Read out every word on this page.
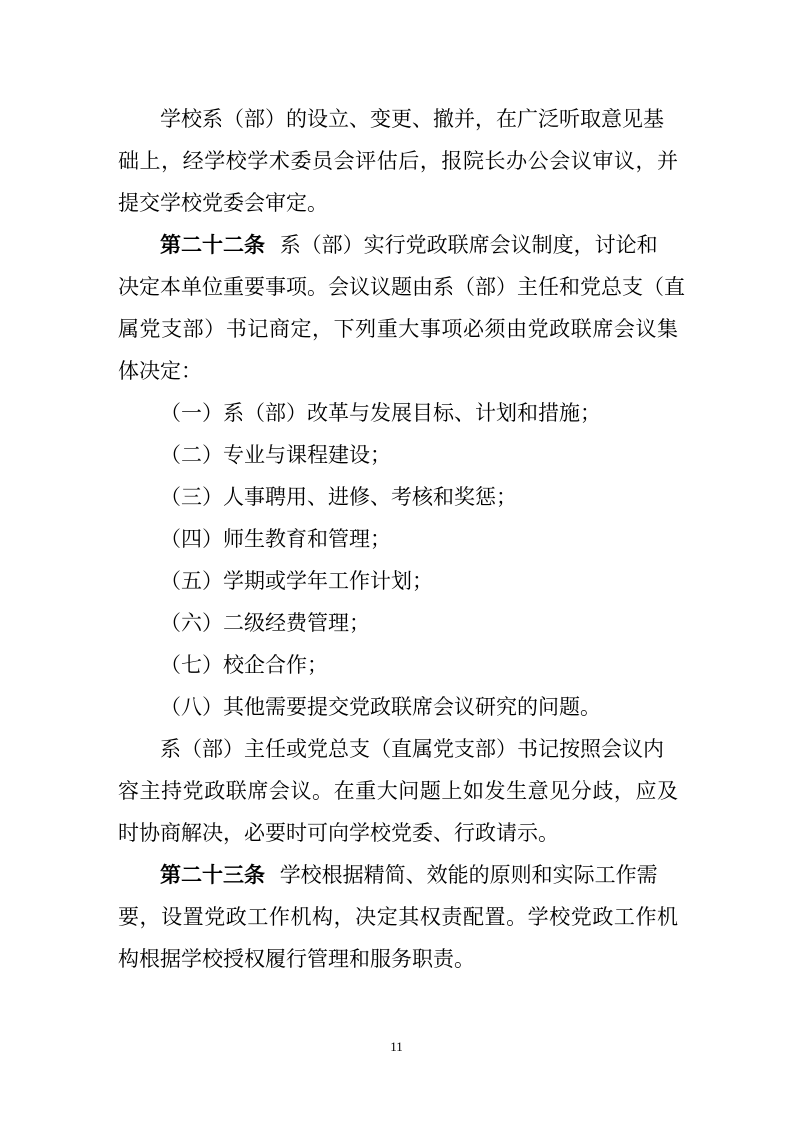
学校系（部）的设立、变更、撤并，在广泛听取意见基
础上，经学校学术委员会评估后，报院长办公会议审议，并
提交学校党委会审定。
第二十二条 系（部）实行党政联席会议制度，讨论和
决定本单位重要事项。会议议题由系（部）主任和党总支（直
属党支部）书记商定，下列重大事项必须由党政联席会议集
体决定：
（一）系（部）改革与发展目标、计划和措施；
（二）专业与课程建设；
（三）人事聘用、进修、考核和奖惩；
（四）师生教育和管理；
（五）学期或学年工作计划；
（六）二级经费管理；
（七）校企合作；
（八）其他需要提交党政联席会议研究的问题。
系（部）主任或党总支（直属党支部）书记按照会议内
容主持党政联席会议。在重大问题上如发生意见分歧，应及
时协商解决，必要时可向学校党委、行政请示。
第二十三条 学校根据精简、效能的原则和实际工作需
要，设置党政工作机构，决定其权责配置。学校党政工作机
构根据学校授权履行管理和服务职责。
11
